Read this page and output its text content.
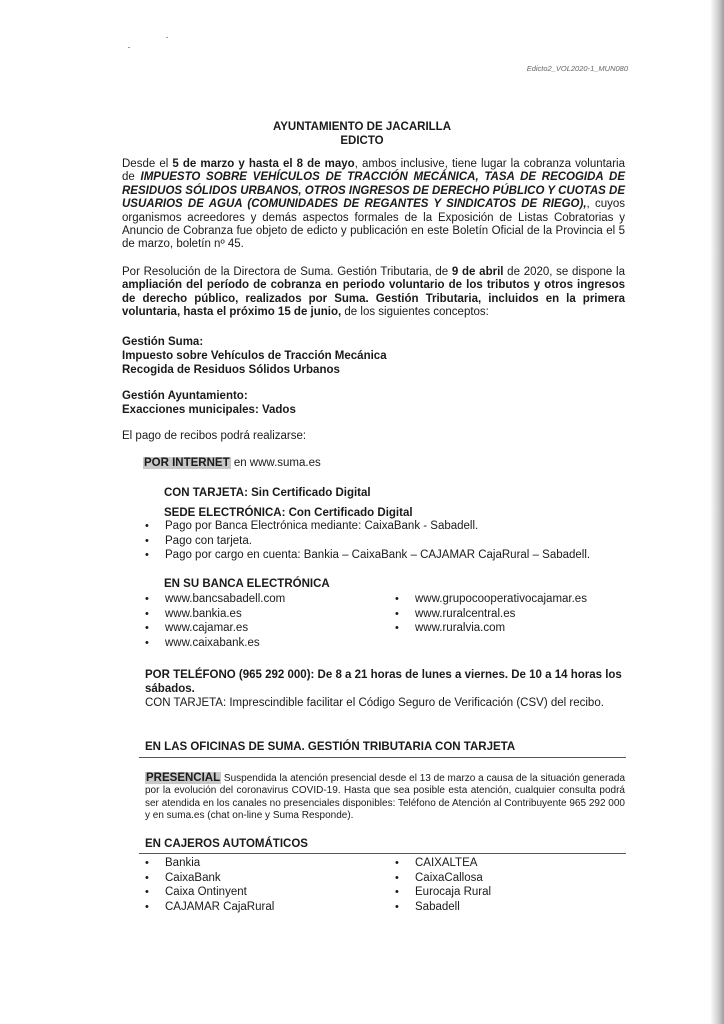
Edicto2_VOL2020-1_MUN080
AYUNTAMIENTO DE JACARILLA
EDICTO

Desde el 5 de marzo y hasta el 8 de mayo, ambos inclusive, tiene lugar la cobranza voluntaria de IMPUESTO SOBRE VEHÍCULOS DE TRACCIÓN MECÁNICA, TASA DE RECOGIDA DE RESIDUOS SÓLIDOS URBANOS, OTROS INGRESOS DE DERECHO PÚBLICO Y CUOTAS DE USUARIOS DE AGUA (COMUNIDADES DE REGANTES Y SINDICATOS DE RIEGO),, cuyos organismos acreedores y demás aspectos formales de la Exposición de Listas Cobratorias y Anuncio de Cobranza fue objeto de edicto y publicación en este Boletín Oficial de la Provincia el 5 de marzo, boletín nº 45.

Por Resolución de la Directora de Suma. Gestión Tributaria, de 9 de abril de 2020, se dispone la ampliación del período de cobranza en periodo voluntario de los tributos y otros ingresos de derecho público, realizados por Suma. Gestión Tributaria, incluidos en la primera voluntaria, hasta el próximo 15 de junio, de los siguientes conceptos:

Gestión Suma:
Impuesto sobre Vehículos de Tracción Mecánica
Recogida de Residuos Sólidos Urbanos
Gestión Ayuntamiento:
Exacciones municipales: Vados
El pago de recibos podrá realizarse:
POR INTERNET en www.suma.es
CON TARJETA: Sin Certificado Digital
SEDE ELECTRÓNICA: Con Certificado Digital
• Pago por Banca Electrónica mediante: CaixaBank - Sabadell.
• Pago con tarjeta.
• Pago por cargo en cuenta: Bankia – CaixaBank – CAJAMAR CajaRural – Sabadell.
EN SU BANCA ELECTRÓNICA
• www.bancsabadell.com
• www.bankia.es
• www.cajamar.es
• www.caixabank.es
• www.grupocooperativocajamar.es
• www.ruralcentral.es
• www.ruralvia.com
POR TELÉFONO (965 292 000): De 8 a 21 horas de lunes a viernes. De 10 a 14 horas los sábados.
CON TARJETA: Imprescindible facilitar el Código Seguro de Verificación (CSV) del recibo.
EN LAS OFICINAS DE SUMA. GESTIÓN TRIBUTARIA CON TARJETA
PRESENCIAL Suspendida la atención presencial desde el 13 de marzo a causa de la situación generada por la evolución del coronavirus COVID-19. Hasta que sea posible esta atención, cualquier consulta podrá ser atendida en los canales no presenciales disponibles: Teléfono de Atención al Contribuyente 965 292 000 y en suma.es (chat on-line y Suma Responde).
EN CAJEROS AUTOMÁTICOS
• Bankia
• CaixaBank
• Caixa Ontinyent
• CAJAMAR CajaRural
• CAIXALTEA
• CaixaCallosa
• Eurocaja Rural
• Sabadell
